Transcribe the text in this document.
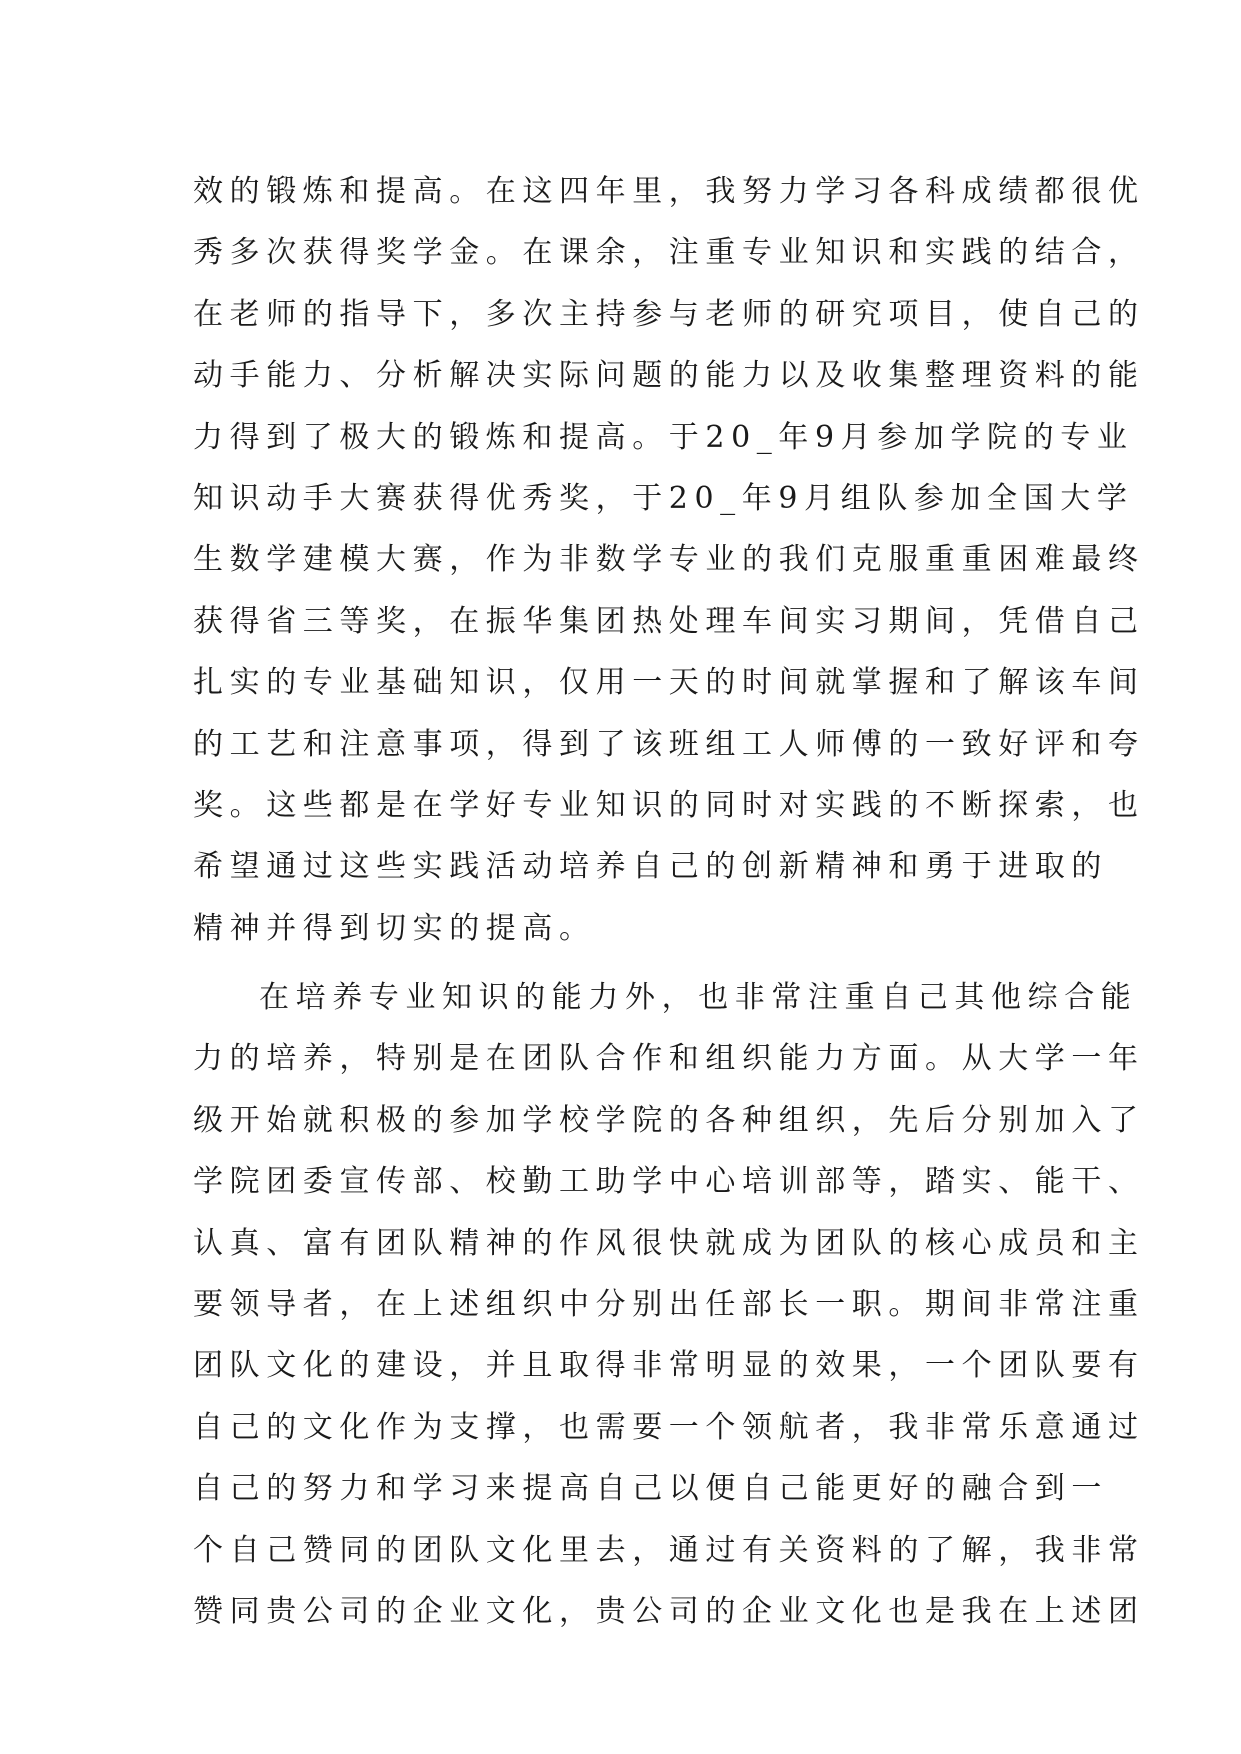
效的锻炼和提高。在这四年里，我努力学习各科成绩都很优
秀多次获得奖学金。在课余，注重专业知识和实践的结合，
在老师的指导下，多次主持参与老师的研究项目，使自己的
动手能力、分析解决实际问题的能力以及收集整理资料的能
力得到了极大的锻炼和提高。于20_年9月参加学院的专业
知识动手大赛获得优秀奖，于20_年9月组队参加全国大学
生数学建模大赛，作为非数学专业的我们克服重重困难最终
获得省三等奖，在振华集团热处理车间实习期间，凭借自己
扎实的专业基础知识，仅用一天的时间就掌握和了解该车间
的工艺和注意事项，得到了该班组工人师傅的一致好评和夸
奖。这些都是在学好专业知识的同时对实践的不断探索，也
希望通过这些实践活动培养自己的创新精神和勇于进取的
精神并得到切实的提高。
在培养专业知识的能力外，也非常注重自己其他综合能
力的培养，特别是在团队合作和组织能力方面。从大学一年
级开始就积极的参加学校学院的各种组织，先后分别加入了
学院团委宣传部、校勤工助学中心培训部等，踏实、能干、
认真、富有团队精神的作风很快就成为团队的核心成员和主
要领导者，在上述组织中分别出任部长一职。期间非常注重
团队文化的建设，并且取得非常明显的效果，一个团队要有
自己的文化作为支撑，也需要一个领航者，我非常乐意通过
自己的努力和学习来提高自己以便自己能更好的融合到一
个自己赞同的团队文化里去，通过有关资料的了解，我非常
赞同贵公司的企业文化，贵公司的企业文化也是我在上述团
